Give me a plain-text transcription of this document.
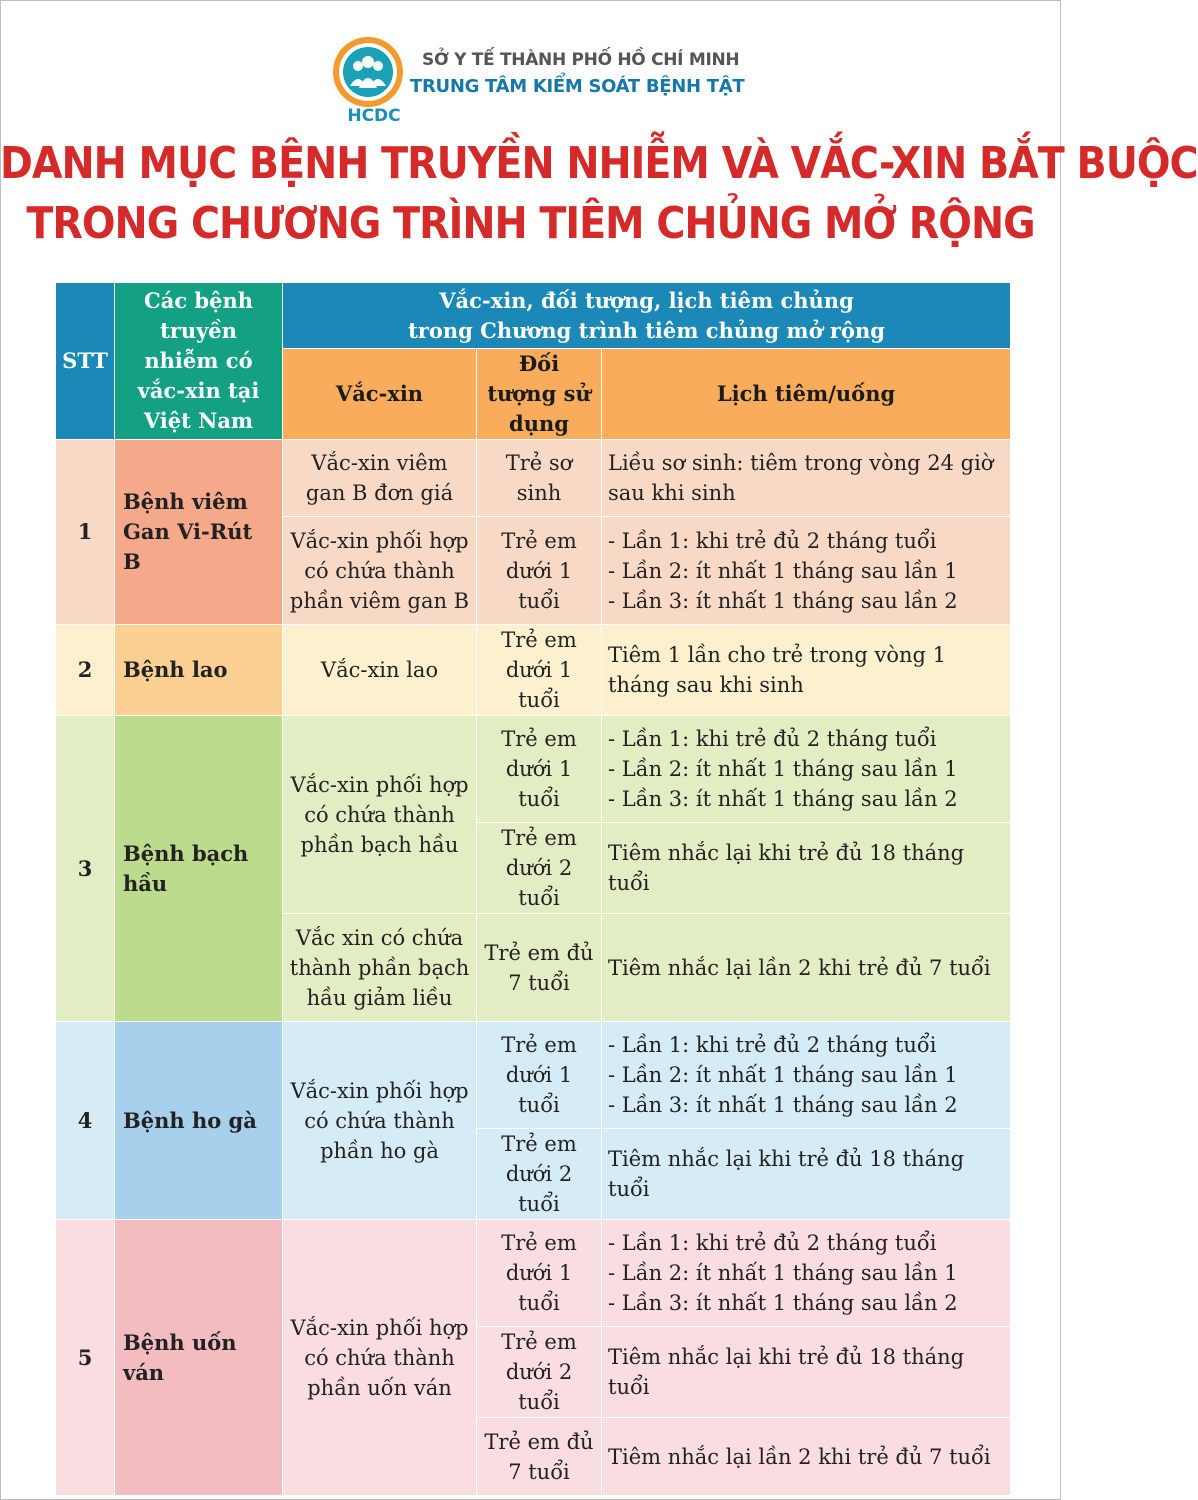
HCDC
SỞ Y TẾ THÀNH PHỐ HỒ CHÍ MINH
TRUNG TÂM KIỂM SOÁT BỆNH TẬT
DANH MỤC BỆNH TRUYỀN NHIỄM VÀ VẮC-XIN BẮT BUỘC
TRONG CHƯƠNG TRÌNH TIÊM CHỦNG MỞ RỘNG
STT	Các bệnh truyền nhiễm có vắc-xin tại Việt Nam	Vắc-xin, đối tượng, lịch tiêm chủng
trong Chương trình tiêm chủng mở rộng		

		Vắc-xin	Đối tượng sử dụng	Lịch tiêm/uống
1	Bệnh viêm Gan Vi-Rút B	Vắc-xin viêm gan B đơn giá	Trẻ sơ sinh	Liều sơ sinh: tiêm trong vòng 24 giờ sau khi sinh
		Vắc-xin phối hợp có chứa thành phần viêm gan B	Trẻ em dưới 1 tuổi	- Lần 1: khi trẻ đủ 2 tháng tuổi
- Lần 2: ít nhất 1 tháng sau lần 1
- Lần 3: ít nhất 1 tháng sau lần 2

2	Bệnh lao	Vắc-xin lao	Trẻ em dưới 1 tuổi	Tiêm 1 lần cho trẻ trong vòng 1 tháng sau khi sinh
3	Bệnh bạch hầu	Vắc-xin phối hợp có chứa thành phần bạch hầu	Trẻ em dưới 1 tuổi	- Lần 1: khi trẻ đủ 2 tháng tuổi
- Lần 2: ít nhất 1 tháng sau lần 1
- Lần 3: ít nhất 1 tháng sau lần 2

			Trẻ em dưới 2 tuổi	Tiêm nhắc lại khi trẻ đủ 18 tháng tuổi
		Vắc xin có chứa thành phần bạch hầu giảm liều	Trẻ em đủ 7 tuổi	Tiêm nhắc lại lần 2 khi trẻ đủ 7 tuổi
4	Bệnh ho gà	Vắc-xin phối hợp có chứa thành phần ho gà	Trẻ em dưới 1 tuổi	- Lần 1: khi trẻ đủ 2 tháng tuổi
- Lần 2: ít nhất 1 tháng sau lần 1
- Lần 3: ít nhất 1 tháng sau lần 2

			Trẻ em dưới 2 tuổi	Tiêm nhắc lại khi trẻ đủ 18 tháng tuổi
5	Bệnh uốn ván	Vắc-xin phối hợp có chứa thành phần uốn ván	Trẻ em dưới 1 tuổi	- Lần 1: khi trẻ đủ 2 tháng tuổi
- Lần 2: ít nhất 1 tháng sau lần 1
- Lần 3: ít nhất 1 tháng sau lần 2

			Trẻ em dưới 2 tuổi	Tiêm nhắc lại khi trẻ đủ 18 tháng tuổi
			Trẻ em đủ 7 tuổi	Tiêm nhắc lại lần 2 khi trẻ đủ 7 tuổi
